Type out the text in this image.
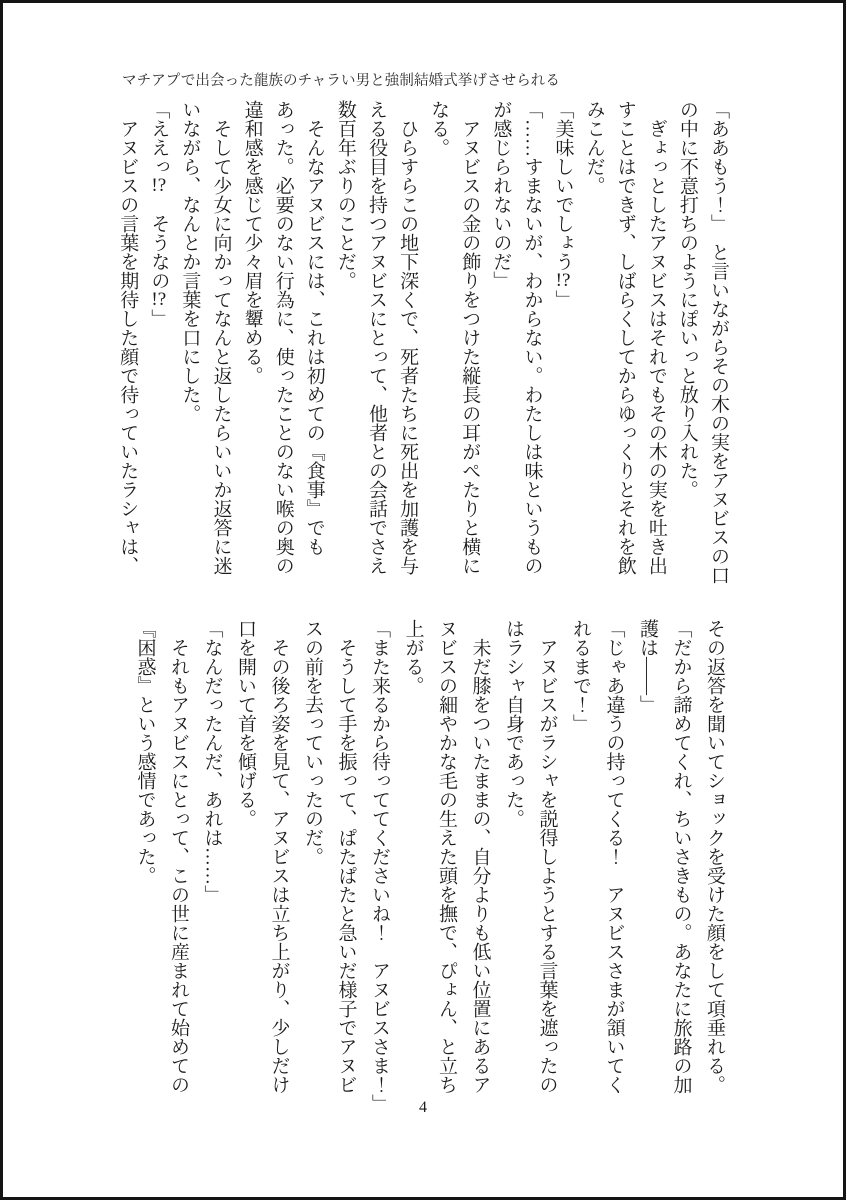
マチアプで出会った龍族のチャラい男と強制結婚式挙げさせられる
「ああもう！」　と言いながらその木の実をアヌビスの口
の中に不意打ちのようにぽいっと放り入れた。
　ぎょっとしたアヌビスはそれでもその木の実を吐き出
すことはできず、しばらくしてからゆっくりとそれを飲
みこんだ。
「美味しいでしょう!?」
「……すまないが、わからない。わたしは味というもの
が感じられないのだ」
　アヌビスの金の飾りをつけた縦長の耳がぺたりと横に
なる。
　ひらすらこの地下深くで、死者たちに死出を加護を与
える役目を持つアヌビスにとって、他者との会話でさえ
数百年ぶりのことだ。
　そんなアヌビスには、これは初めての『食事』でも
あった。必要のない行為に、使ったことのない喉の奥の
違和感を感じて少々眉を顰める。
　そして少女に向かってなんと返したらいいか返答に迷
いながら、なんとか言葉を口にした。
「ええっ!?　そうなの!?」
　アヌビスの言葉を期待した顔で待っていたラシャは、
その返答を聞いてショックを受けた顔をして項垂れる。
「だから諦めてくれ、ちいさきもの。あなたに旅路の加
護は――」
「じゃあ違うの持ってくる！　アヌビスさまが頷いてく
れるまで！」
　アヌビスがラシャを説得しようとする言葉を遮ったの
はラシャ自身であった。
　未だ膝をついたままの、自分よりも低い位置にあるア
ヌビスの細やかな毛の生えた頭を撫で、ぴょん、と立ち
上がる。
「また来るから待っててくださいね！　アヌビスさま！」
　そうして手を振って、ぱたぱたと急いだ様子でアヌビ
スの前を去っていったのだ。
　その後ろ姿を見て、アヌビスは立ち上がり、少しだけ
口を開いて首を傾げる。
「なんだったんだ、あれは……」
　それもアヌビスにとって、この世に産まれて始めての
『困惑』という感情であった。
4
